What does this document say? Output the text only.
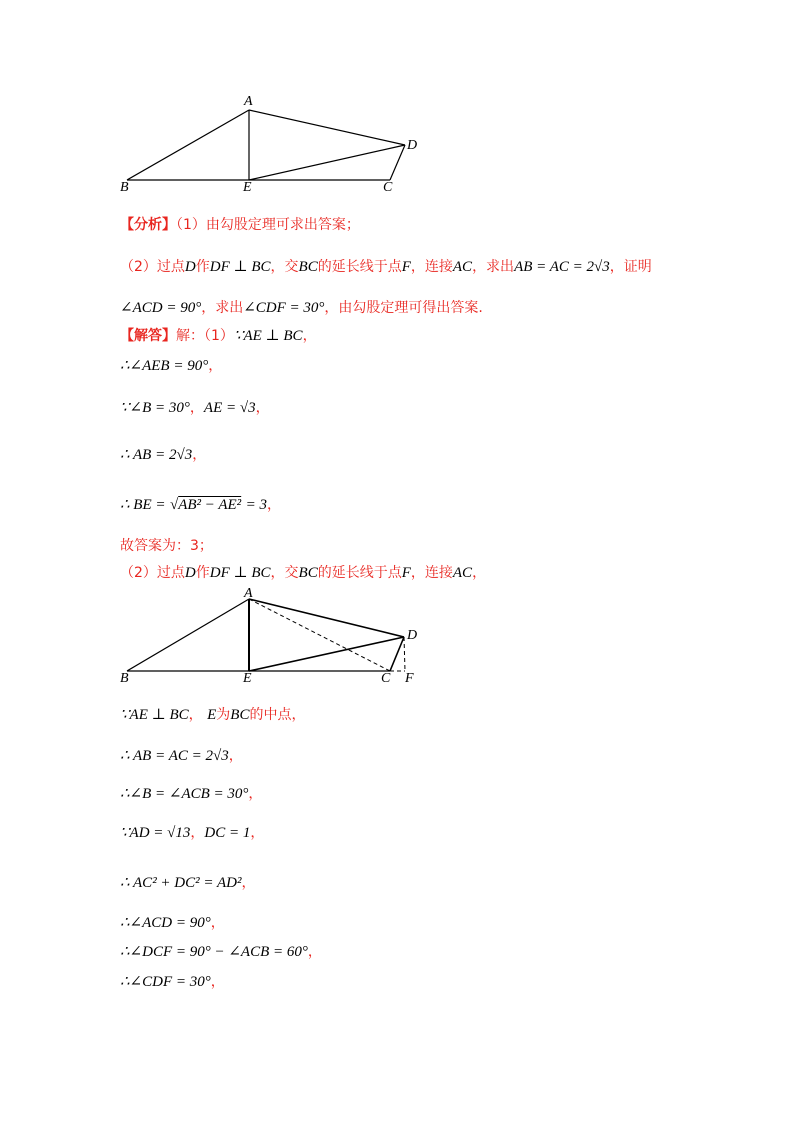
A
D
B	E	C
【分析】（1）由勾股定理可求出答案；
（2）过点D作DF ⊥ BC，交BC的延长线于点F，连接AC，求出AB = AC = 2√3，证明
∠ACD = 90°，求出∠CDF = 30°，由勾股定理可得出答案.
【解答】解：（1）∵AE ⊥ BC，
∴∠AEB = 90°，
∵∠B = 30°，AE = √3，
∴ AB = 2√3，
∴ BE = √AB² − AE² = 3，
故答案为：3；
（2）过点D作DF ⊥ BC，交BC的延长线于点F，连接AC，
A
D
B	E	C F
∵AE ⊥ BC， E为BC的中点，
∴ AB = AC = 2√3，
∴∠B = ∠ACB = 30°，
∵AD = √13，DC = 1，
∴ AC² + DC² = AD²，
∴∠ACD = 90°，
∴∠DCF = 90° − ∠ACB = 60°，
∴∠CDF = 30°，
